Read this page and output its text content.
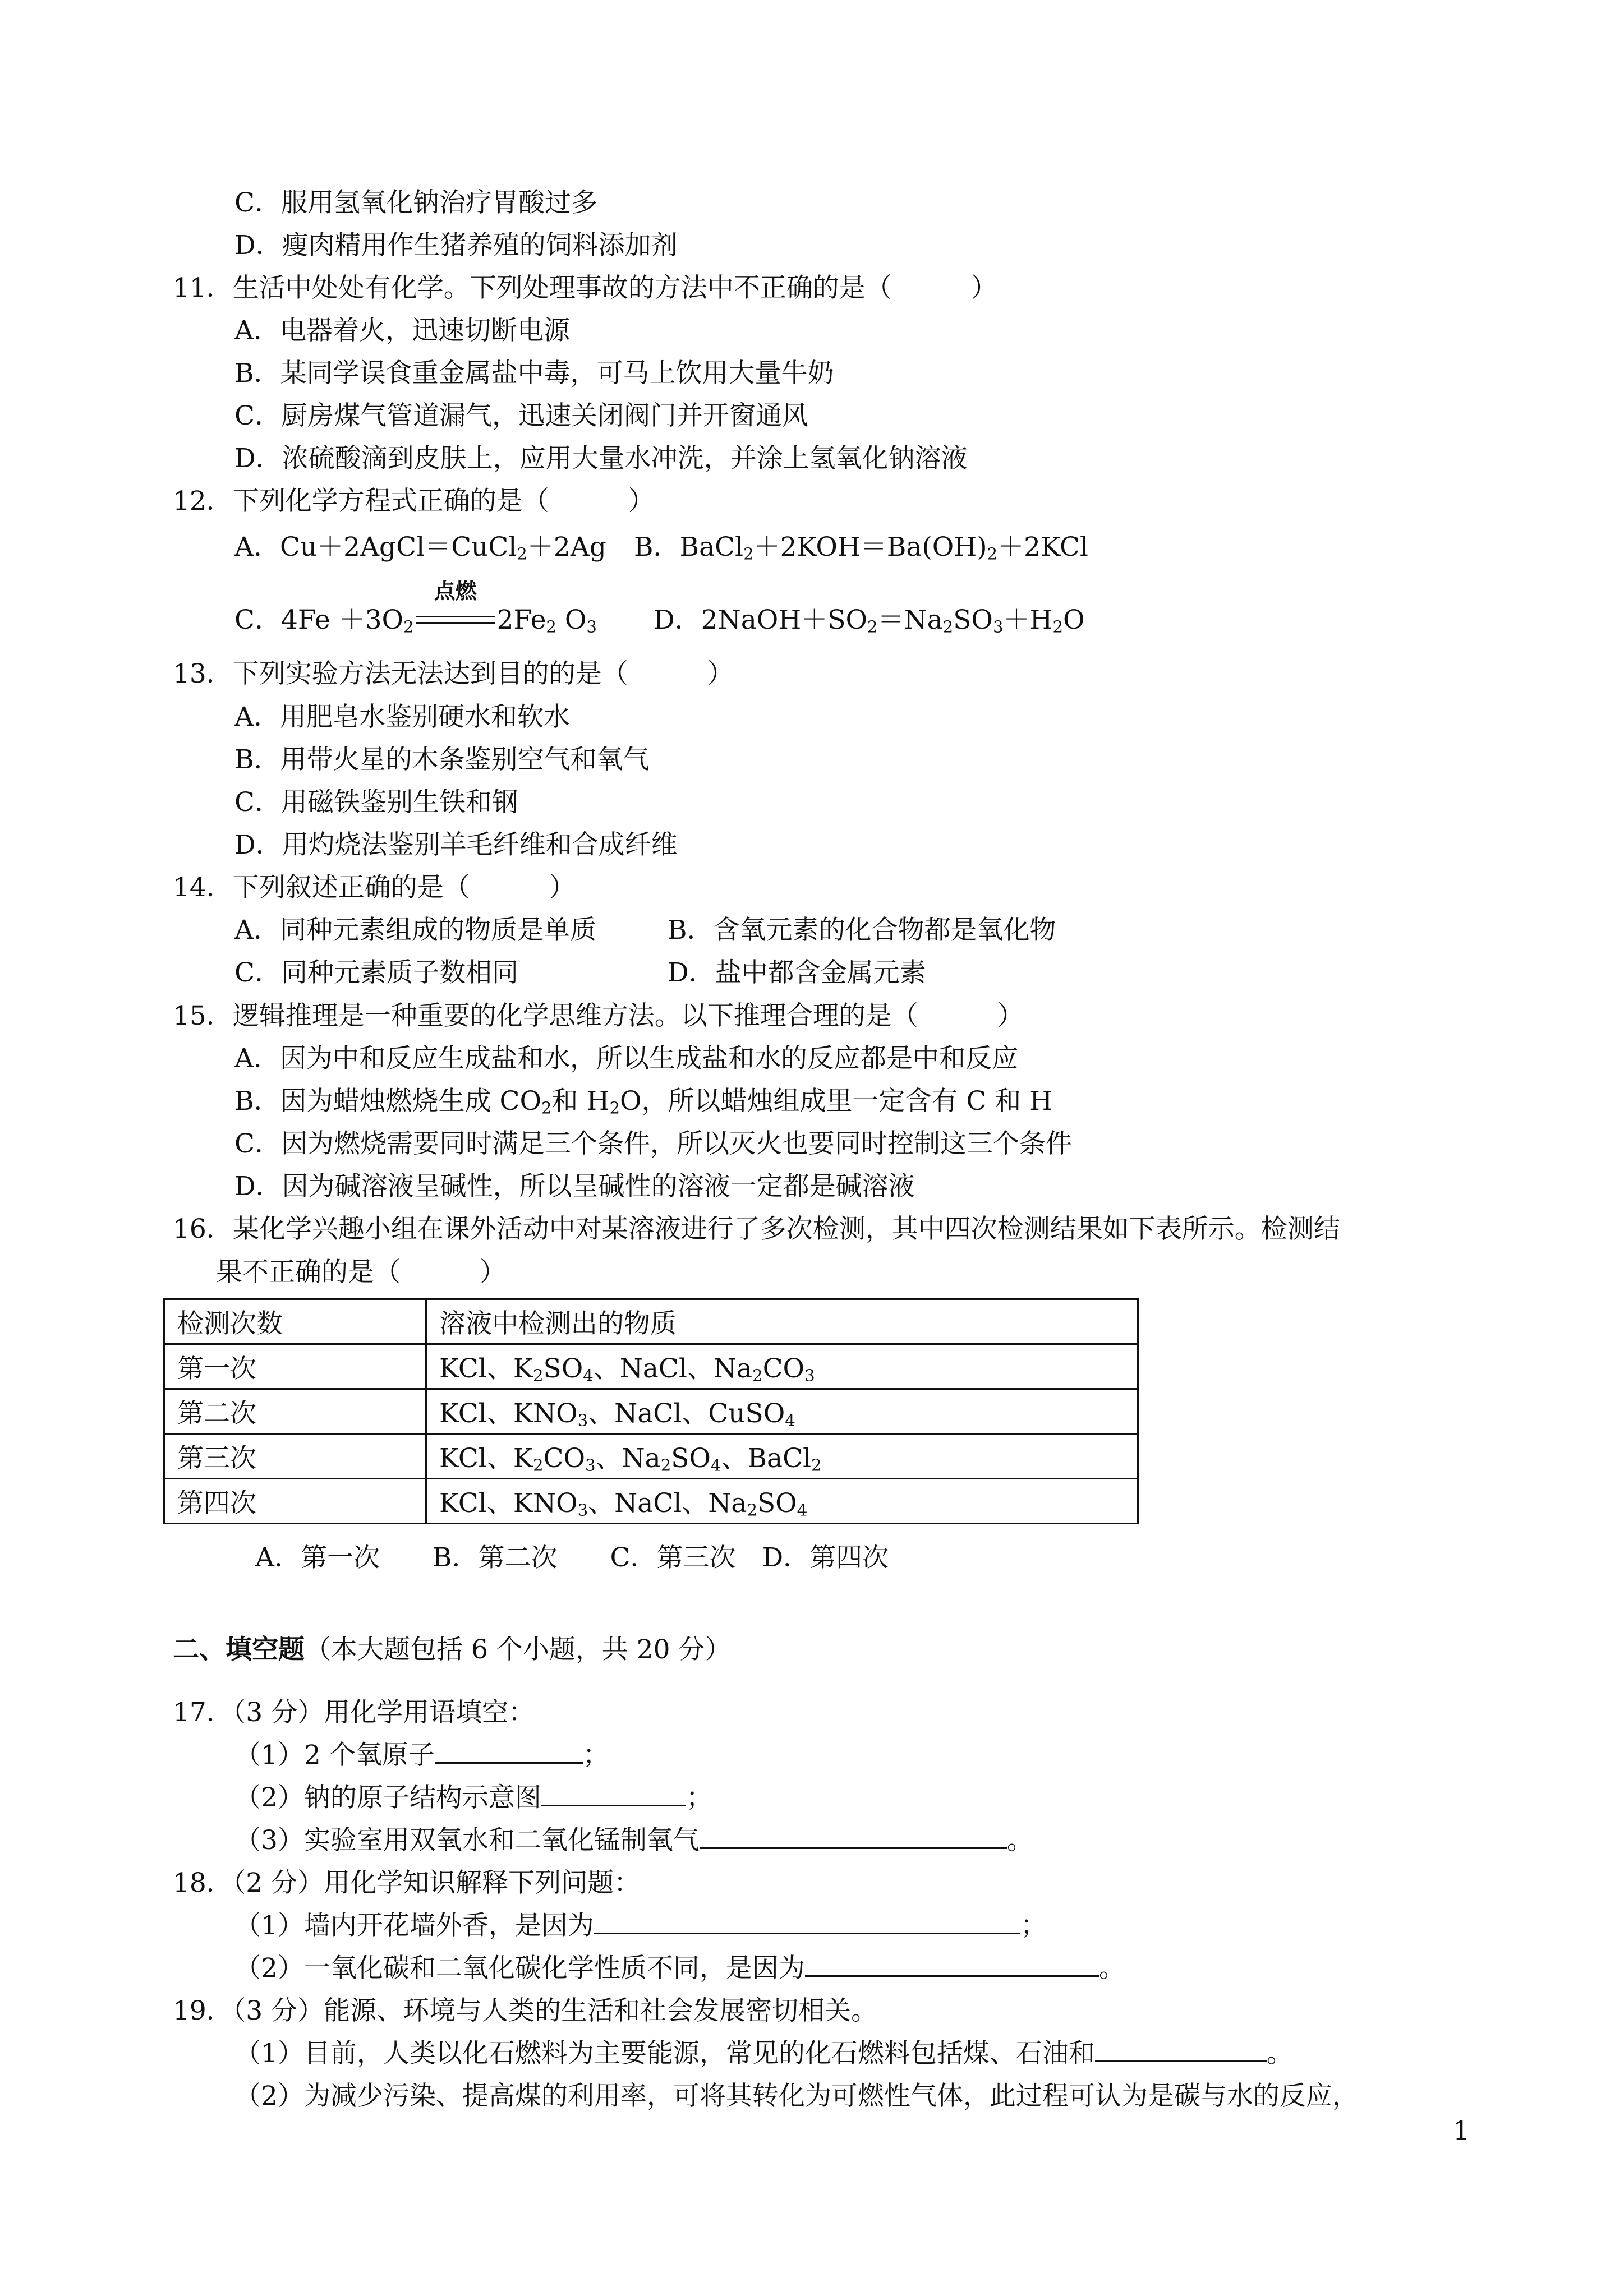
C．服用氢氧化钠治疗胃酸过多
D．瘦肉精用作生猪养殖的饲料添加剂
11．生活中处处有化学。下列处理事故的方法中不正确的是（　　　）
A．电器着火，迅速切断电源
B．某同学误食重金属盐中毒，可马上饮用大量牛奶
C．厨房煤气管道漏气，迅速关闭阀门并开窗通风
D．浓硫酸滴到皮肤上，应用大量水冲洗，并涂上氢氧化钠溶液
12．下列化学方程式正确的是（　　　）
A．Cu＋2AgCl＝CuCl$_2$＋2Ag B．$BaCl_2+2KOH=Ba(OH)_2+2KCl$
C．$4Fe +3O_2$
点燃
$2Fe_2$ $O_3$ D．$2NaOH+SO_2=Na_2SO_3+H_2O$
13．下列实验方法无法达到目的的是（　　　）
A．用肥皂水鉴别硬水和软水
B．用带火星的木条鉴别空气和氧气
C．用磁铁鉴别生铁和钢
D．用灼烧法鉴别羊毛纤维和合成纤维
14．下列叙述正确的是（　　　）
A．同种元素组成的物质是单质	B．含氧元素的化合物都是氧化物
C．同种元素质子数相同	D．盐中都含金属元素
15．逻辑推理是一种重要的化学思维方法。以下推理合理的是（　　　）
A．因为中和反应生成盐和水，所以生成盐和水的反应都是中和反应
B．因为蜡烛燃烧生成 $CO_2$和 $H_2O$，所以蜡烛组成里一定含有 C 和 H
C．因为燃烧需要同时满足三个条件，所以灭火也要同时控制这三个条件
D．因为碱溶液呈碱性，所以呈碱性的溶液一定都是碱溶液
16．某化学兴趣小组在课外活动中对某溶液进行了多次检测，其中四次检测结果如下表所示。检测结
果不正确的是（　　　）
检测次数	溶液中检测出的物质
第一次	KCl、$K_2SO_4$、NaCl、$Na_2CO_3$
第二次	KCl、$KNO_3$、NaCl、CuSO$_4$
第三次	KCl、$K_2CO_3$、$Na_2SO_4$、BaCl$_2$
第四次	KCl、$KNO_3$、NaCl、$Na_2SO_4$
A．第一次　　B．第二次　　C．第三次　D．第四次
二、填空题（本大题包括 6 个小题，共 20 分）
17．（3 分）用化学用语填空：
（1）2 个氧原子	；
（2）钠的原子结构示意图	；
（3）实验室用双氧水和二氧化锰制氧气	。
18．（2 分）用化学知识解释下列问题：
（1）墙内开花墙外香，是因为	；
（2）一氧化碳和二氧化碳化学性质不同，是因为	。
19．（3 分）能源、环境与人类的生活和社会发展密切相关。
（1）目前，人类以化石燃料为主要能源，常见的化石燃料包括煤、石油和	。
（2）为减少污染、提高煤的利用率，可将其转化为可燃性气体，此过程可认为是碳与水的反应，
1
